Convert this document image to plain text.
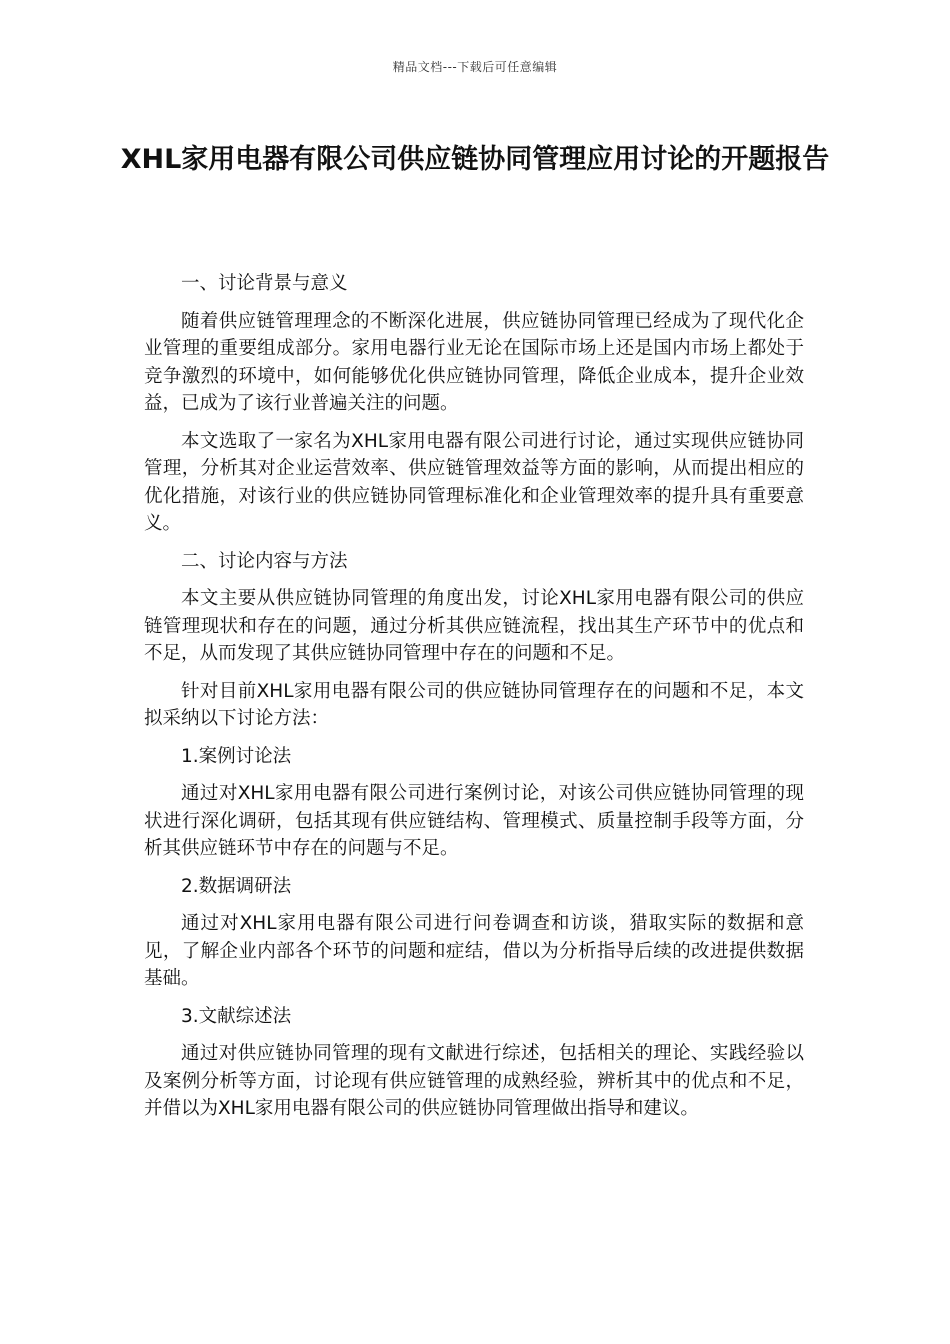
精品文档---下载后可任意编辑
XHL家用电器有限公司供应链协同管理应用讨论的开题报告

一、讨论背景与意义

随着供应链管理理念的不断深化进展，供应链协同管理已经成为了现代化企业管理的重要组成部分。家用电器行业无论在国际市场上还是国内市场上都处于竞争激烈的环境中，如何能够优化供应链协同管理，降低企业成本，提升企业效益，已成为了该行业普遍关注的问题。

本文选取了一家名为XHL家用电器有限公司进行讨论，通过实现供应链协同管理，分析其对企业运营效率、供应链管理效益等方面的影响，从而提出相应的优化措施，对该行业的供应链协同管理标准化和企业管理效率的提升具有重要意义。

二、讨论内容与方法

本文主要从供应链协同管理的角度出发，讨论XHL家用电器有限公司的供应链管理现状和存在的问题，通过分析其供应链流程，找出其生产环节中的优点和不足，从而发现了其供应链协同管理中存在的问题和不足。

针对目前XHL家用电器有限公司的供应链协同管理存在的问题和不足，本文拟采纳以下讨论方法：

1.案例讨论法

通过对XHL家用电器有限公司进行案例讨论，对该公司供应链协同管理的现状进行深化调研，包括其现有供应链结构、管理模式、质量控制手段等方面，分析其供应链环节中存在的问题与不足。

2.数据调研法

通过对XHL家用电器有限公司进行问卷调查和访谈，猎取实际的数据和意见，了解企业内部各个环节的问题和症结，借以为分析指导后续的改进提供数据基础。

3.文献综述法

通过对供应链协同管理的现有文献进行综述，包括相关的理论、实践经验以及案例分析等方面，讨论现有供应链管理的成熟经验，辨析其中的优点和不足，并借以为XHL家用电器有限公司的供应链协同管理做出指导和建议。
